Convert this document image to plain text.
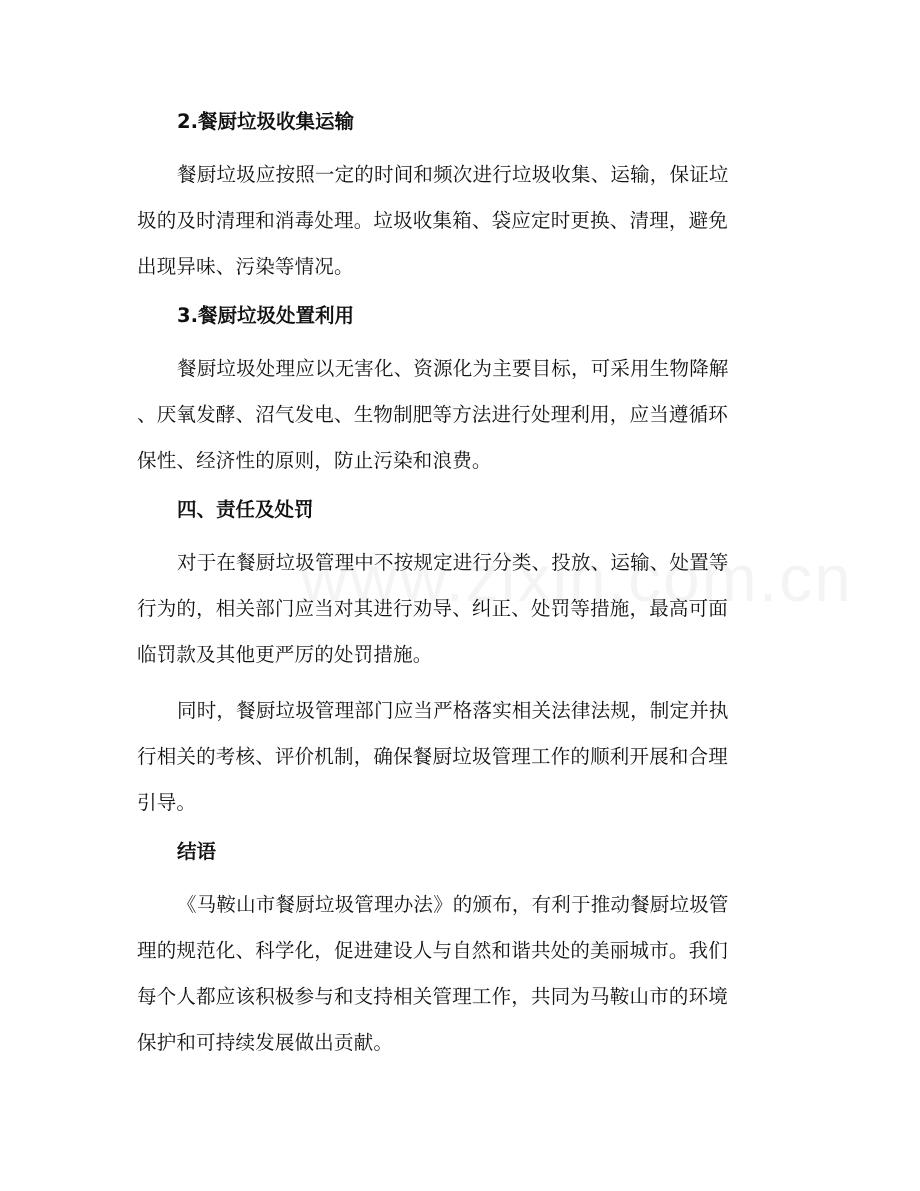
2.餐厨垃圾收集运输
餐厨垃圾应按照一定的时间和频次进行垃圾收集、运输，保证垃
圾的及时清理和消毒处理。垃圾收集箱、袋应定时更换、清理，避免
出现异味、污染等情况。
3.餐厨垃圾处置利用
餐厨垃圾处理应以无害化、资源化为主要目标，可采用生物降解
、厌氧发酵、沼气发电、生物制肥等方法进行处理利用，应当遵循环
保性、经济性的原则，防止污染和浪费。
四、责任及处罚
对于在餐厨垃圾管理中不按规定进行分类、投放、运输、处置等
行为的，相关部门应当对其进行劝导、纠正、处罚等措施，最高可面
临罚款及其他更严厉的处罚措施。
同时，餐厨垃圾管理部门应当严格落实相关法律法规，制定并执
行相关的考核、评价机制，确保餐厨垃圾管理工作的顺利开展和合理
引导。
结语
《马鞍山市餐厨垃圾管理办法》的颁布，有利于推动餐厨垃圾管
理的规范化、科学化，促进建设人与自然和谐共处的美丽城市。我们
每个人都应该积极参与和支持相关管理工作，共同为马鞍山市的环境
保护和可持续发展做出贡献。
